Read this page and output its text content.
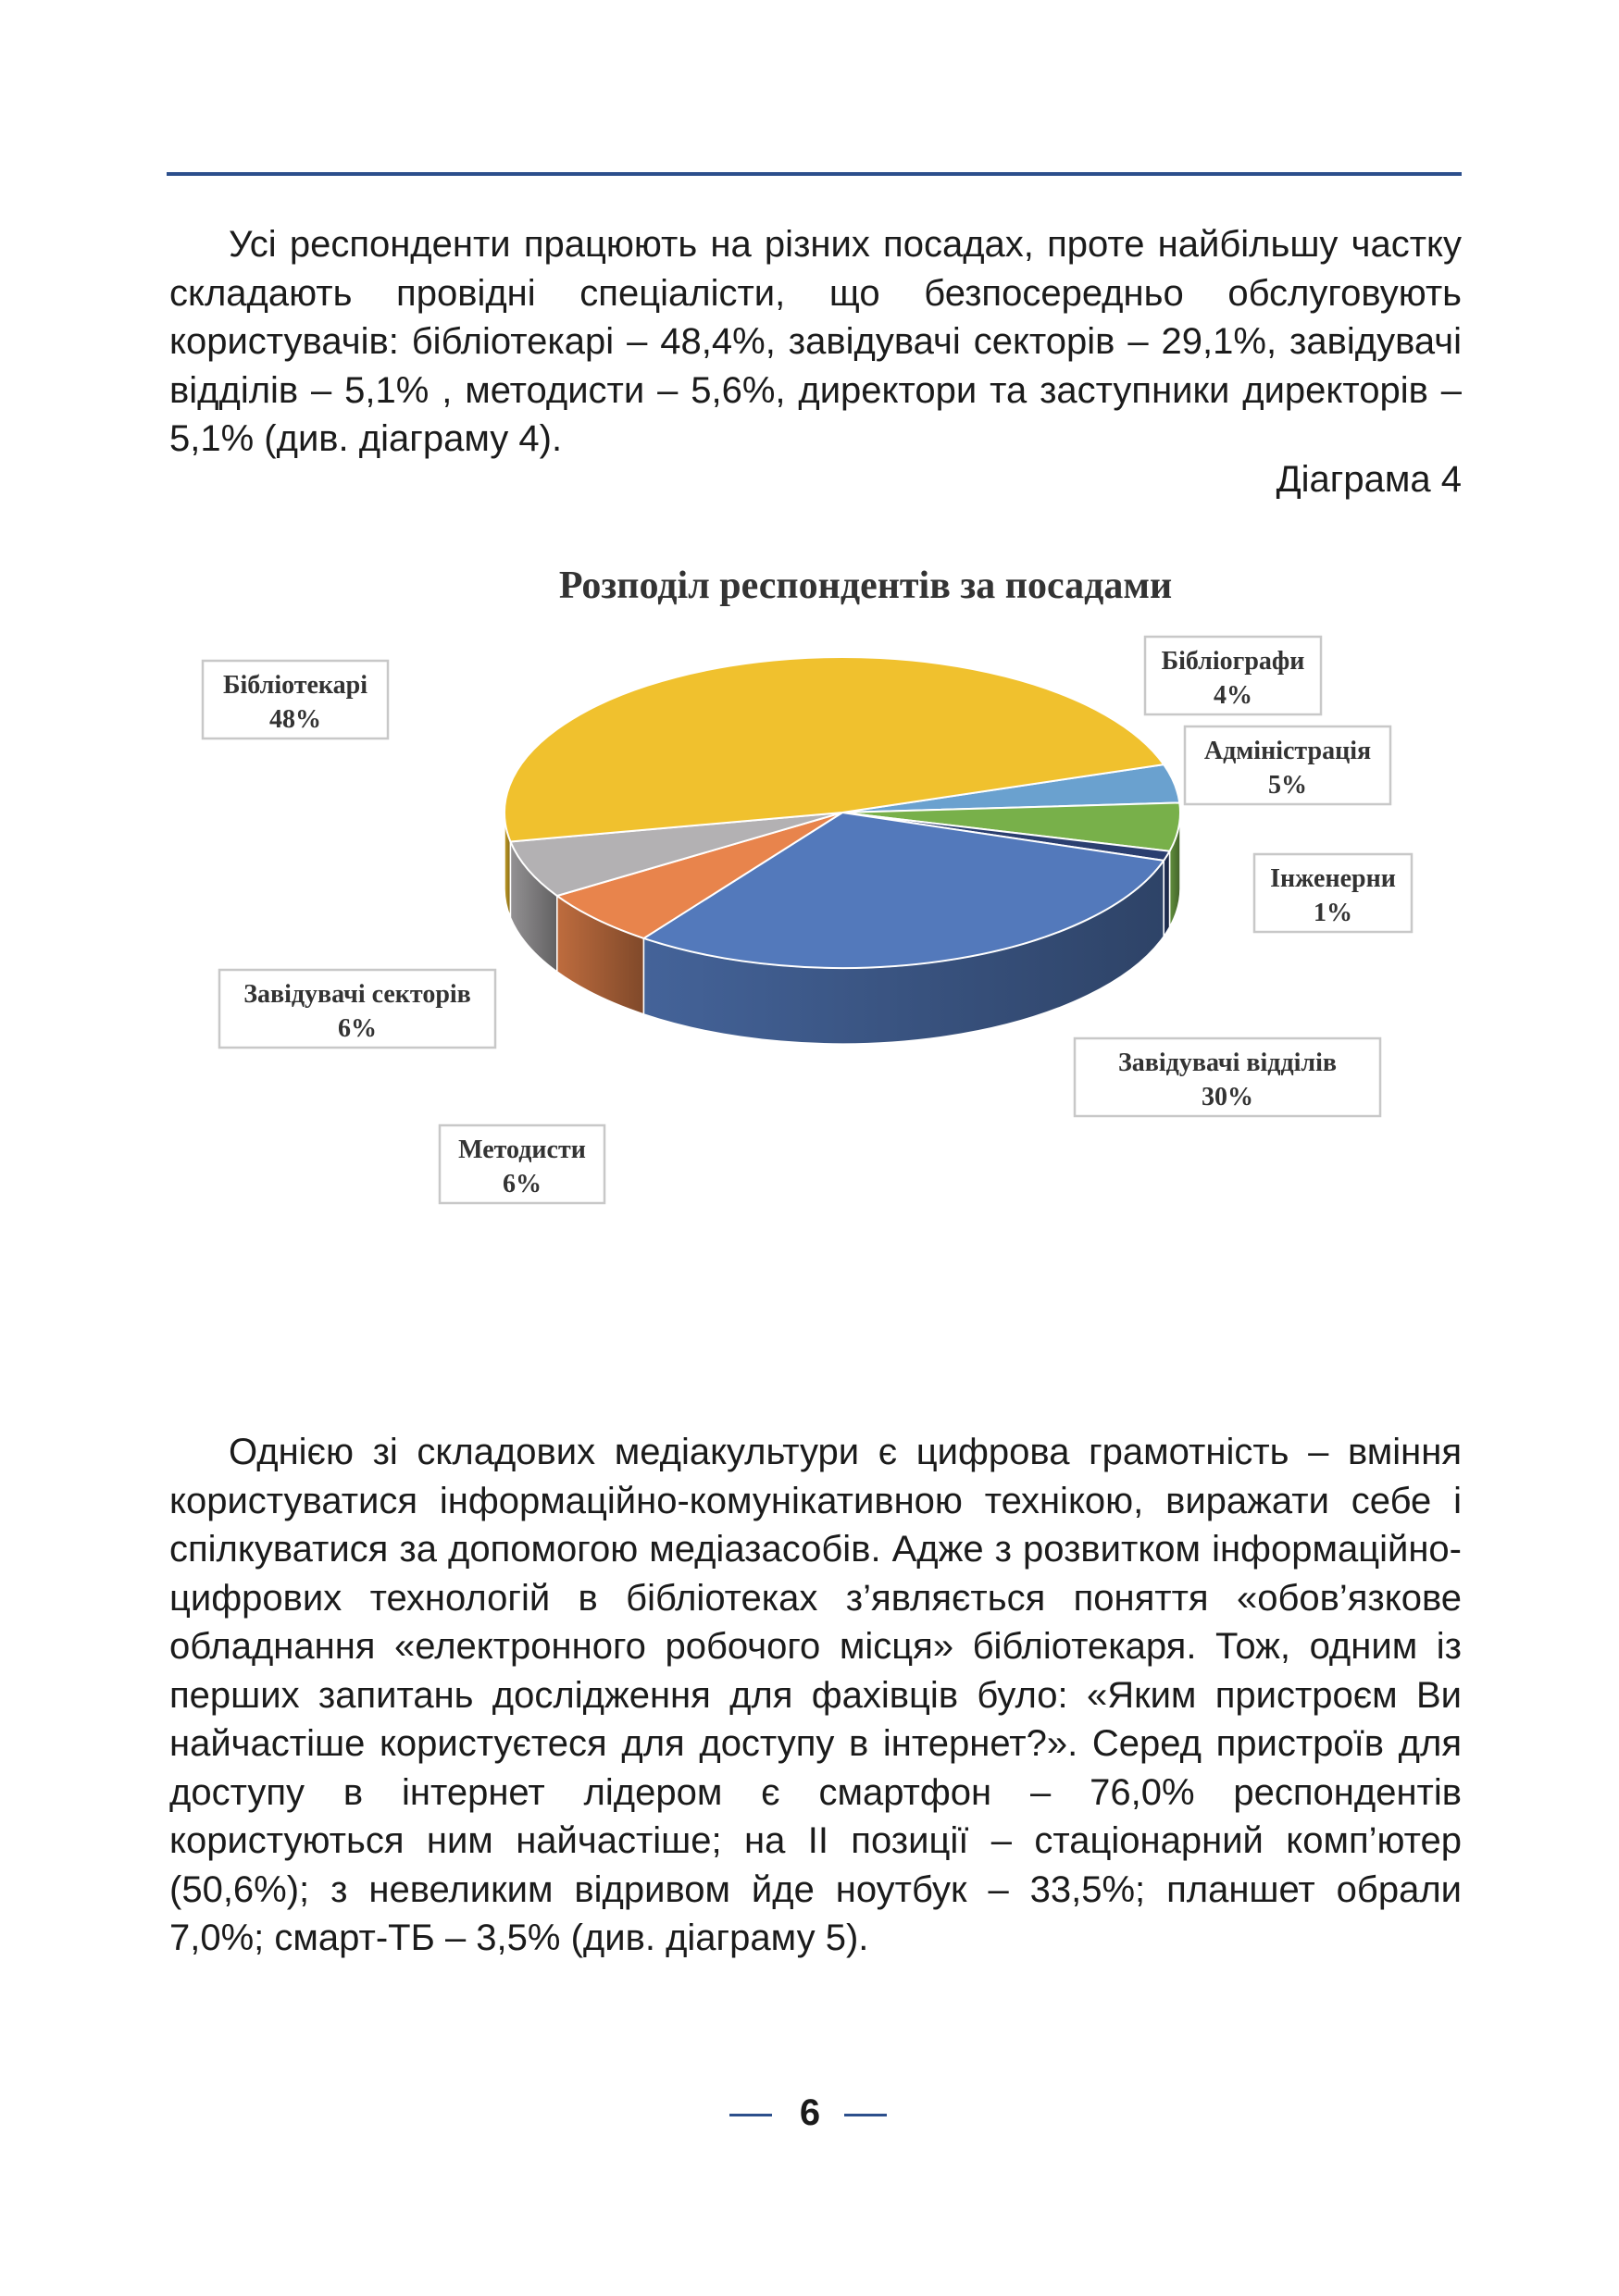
Усі респонденти працюють на різних посадах, проте найбільшу частку складають провідні спеціалісти, що безпосередньо обслуговують користувачів: бібліотекарі – 48,4%, завідувачі секторів – 29,1%, завідувачі відділів – 5,1% , методисти – 5,6%, директори та заступники директорів – 5,1% (див. діаграму 4).

Діаграма 4
Розподіл респондентів за посадами
Бібліографи
4%
Адміністрація
5%
Інженерни
1%
Завідувачі відділів
30%
Методисти
6%
Завідувачі секторів
6%
Бібліотекарі
48%

Однією зі складових медіакультури є цифрова грамотність – вміння користуватися інформаційно-комунікативною технікою, виражати себе і спілкуватися за допомогою медіазасобів. Адже з розвитком інформаційно-цифрових технологій в бібліотеках з’являється поняття «обов’язкове обладнання «електронного робочого місця» бібліотекаря. Тож, одним із перших запитань дослідження для фахівців було: «Яким пристроєм Ви найчастіше користуєтеся для доступу в інтернет?». Серед пристроїв для доступу в інтернет лідером є смартфон – 76,0% респондентів користуються ним найчастіше; на ІІ позиції – стаціонарний комп’ютер (50,6%); з невеликим відривом йде ноутбук – 33,5%; планшет обрали 7,0%; смарт-ТБ – 3,5% (див. діаграму 5).

6
